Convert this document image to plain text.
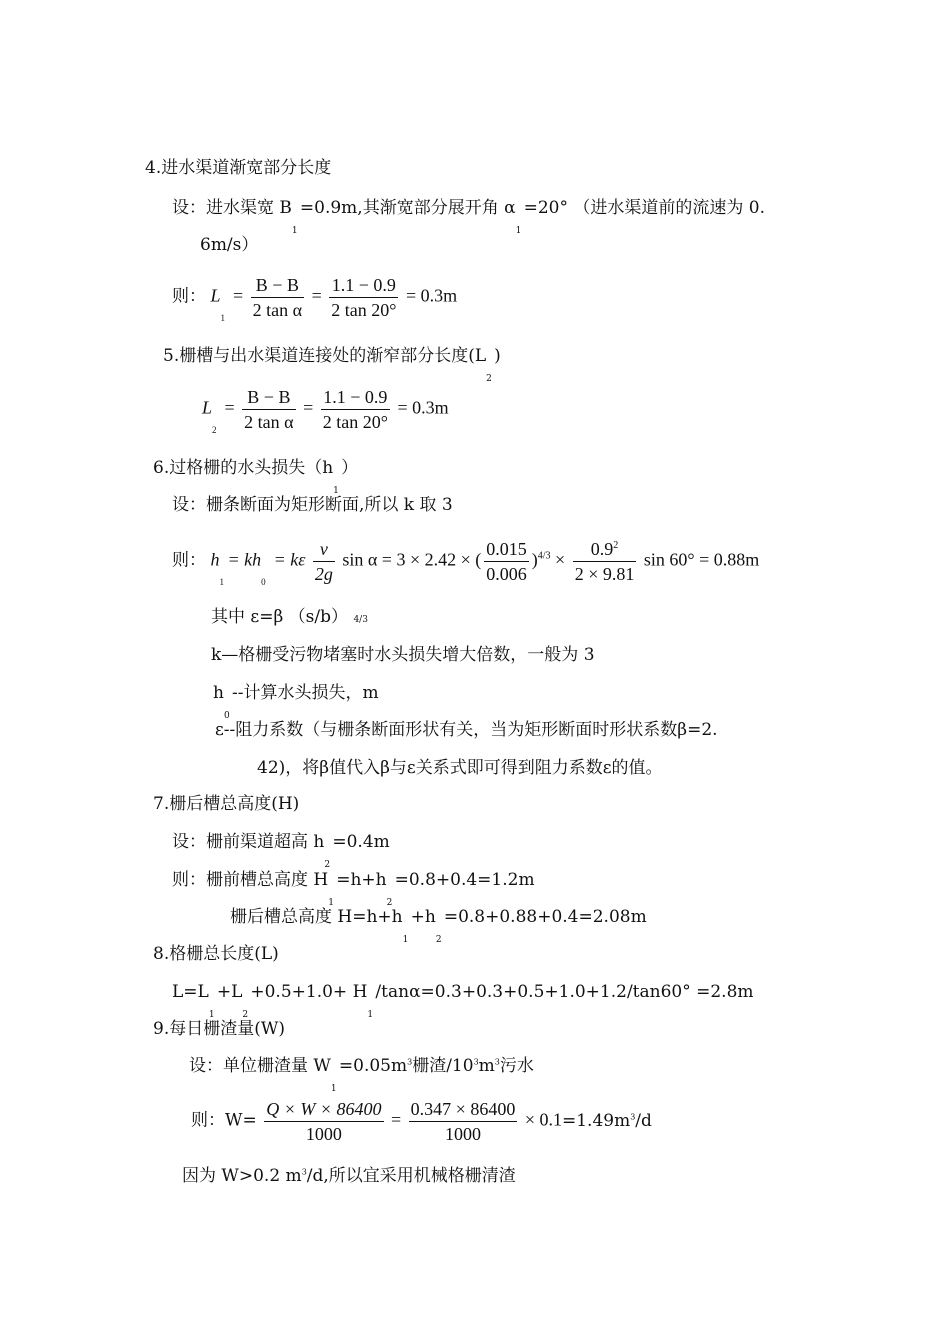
4.进水渠道渐宽部分长度
设：进水渠宽 B
1
=0.9m,其渐宽部分展开角 α
1
=20° （进水渠道前的流速为 0.
6m/s）
则： L
1
= $\frac{B - B}{\text{2 tan α}} = \frac{1.1 - 0.9}{2 \tan 20^\circ} = 0.3m$
5.栅槽与出水渠道连接处的渐窄部分长度(L
2
)
L
2
= $\frac{B - B}{\text{2 tan α}} = \frac{1.1 - 0.9}{2 \tan 20^\circ} = 0.3m$
6.过格栅的水头损失（h
1
）
设：栅条断面为矩形断面,所以 k 取 3
则： h
1
= kh
0
= kε $\frac{v}{2g}$ sin α = 3 × 2.42 × ( $\frac{0.015}{0.006} )^{4/3} \times \frac{0.9^2}{2 \times 9.81}$ sin 60° = 0.88m
其中 ε=β （s/b） 4/3
k—格栅受污物堵塞时水头损失增大倍数，一般为 3
h
0
--计算水头损失，m
ε--阻力系数（与栅条断面形状有关，当为矩形断面时形状系数β=2.
42)，将β值代入β与ε关系式即可得到阻力系数ε的值。
7.栅后槽总高度(H)
设：栅前渠道超高 h
2
=0.4m
则：栅前槽总高度 H
1
=h+h
2
=0.8+0.4=1.2m
栅后槽总高度 H=h+h
1
+h
2
=0.8+0.88+0.4=2.08m
8.格栅总长度(L)
L=L
1
+L
2
+0.5+1.0+ H
1
/tanα=0.3+0.3+0.5+1.0+1.2/tan60° =2.8m
9.每日栅渣量(W)
设：单位栅渣量 W
1
$=0.05m^3$栅渣$/10^3m^3$污水
则：$W= \frac{Q \times W \times 86400}{1000} = \frac{0.347 \times 86400}{1000} \times 0.1=1.49m^3/d$
因为 W>0.2 $m^3/d$,所以宜采用机械格栅清渣
